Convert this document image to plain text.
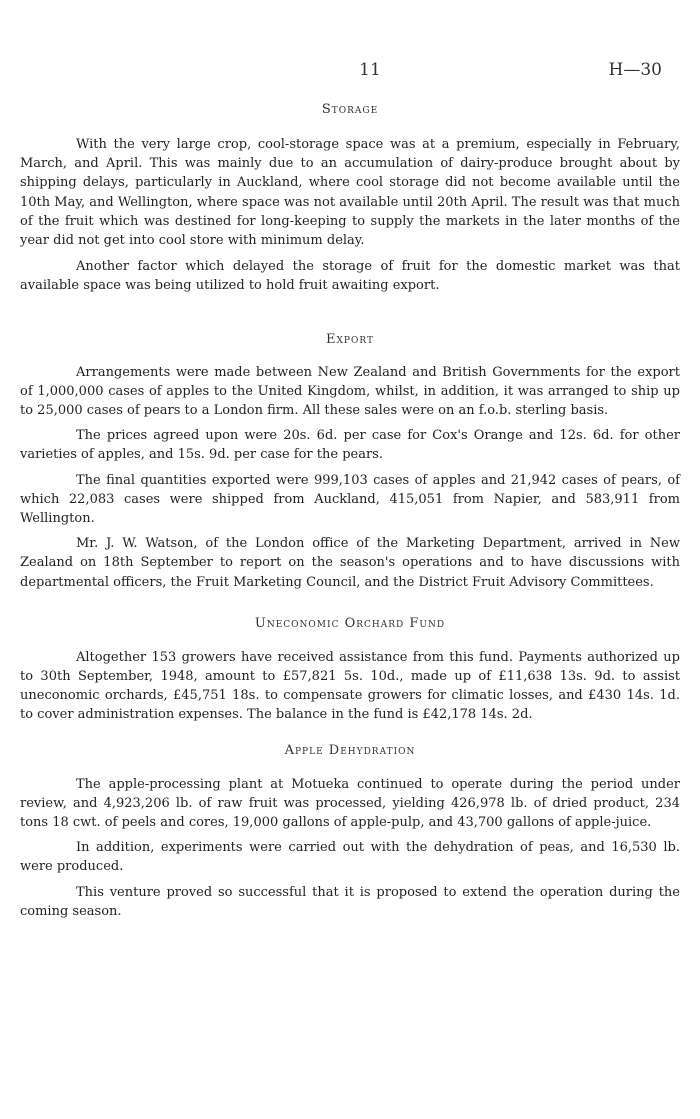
11	H—30
Storage

With the very large crop, cool-storage space was at a premium, especially in February, March, and April. This was mainly due to an accumulation of dairy-produce brought about by shipping delays, particularly in Auckland, where cool storage did not become available until the 10th May, and Wellington, where space was not available until 20th April. The result was that much of the fruit which was destined for long-keeping to supply the markets in the later months of the year did not get into cool store with minimum delay.

Another factor which delayed the storage of fruit for the domestic market was that available space was being utilized to hold fruit awaiting export.

Export

Arrangements were made between New Zealand and British Governments for the export of 1,000,000 cases of apples to the United Kingdom, whilst, in addition, it was arranged to ship up to 25,000 cases of pears to a London firm. All these sales were on an f.o.b. sterling basis.

The prices agreed upon were 20s. 6d. per case for Cox's Orange and 12s. 6d. for other varieties of apples, and 15s. 9d. per case for the pears.

The final quantities exported were 999,103 cases of apples and 21,942 cases of pears, of which 22,083 cases were shipped from Auckland, 415,051 from Napier, and 583,911 from Wellington.

Mr. J. W. Watson, of the London office of the Marketing Department, arrived in New Zealand on 18th September to report on the season's operations and to have discussions with departmental officers, the Fruit Marketing Council, and the District Fruit Advisory Committees.

Uneconomic Orchard Fund

Altogether 153 growers have received assistance from this fund. Payments authorized up to 30th September, 1948, amount to £57,821 5s. 10d., made up of £11,638 13s. 9d. to assist uneconomic orchards, £45,751 18s. to compensate growers for climatic losses, and £430 14s. 1d. to cover administration expenses. The balance in the fund is £42,178 14s. 2d.

Apple Dehydration

The apple-processing plant at Motueka continued to operate during the period under review, and 4,923,206 lb. of raw fruit was processed, yielding 426,978 lb. of dried product, 234 tons 18 cwt. of peels and cores, 19,000 gallons of apple-pulp, and 43,700 gallons of apple-juice.

In addition, experiments were carried out with the dehydration of peas, and 16,530 lb. were produced.

This venture proved so successful that it is proposed to extend the operation during the coming season.
